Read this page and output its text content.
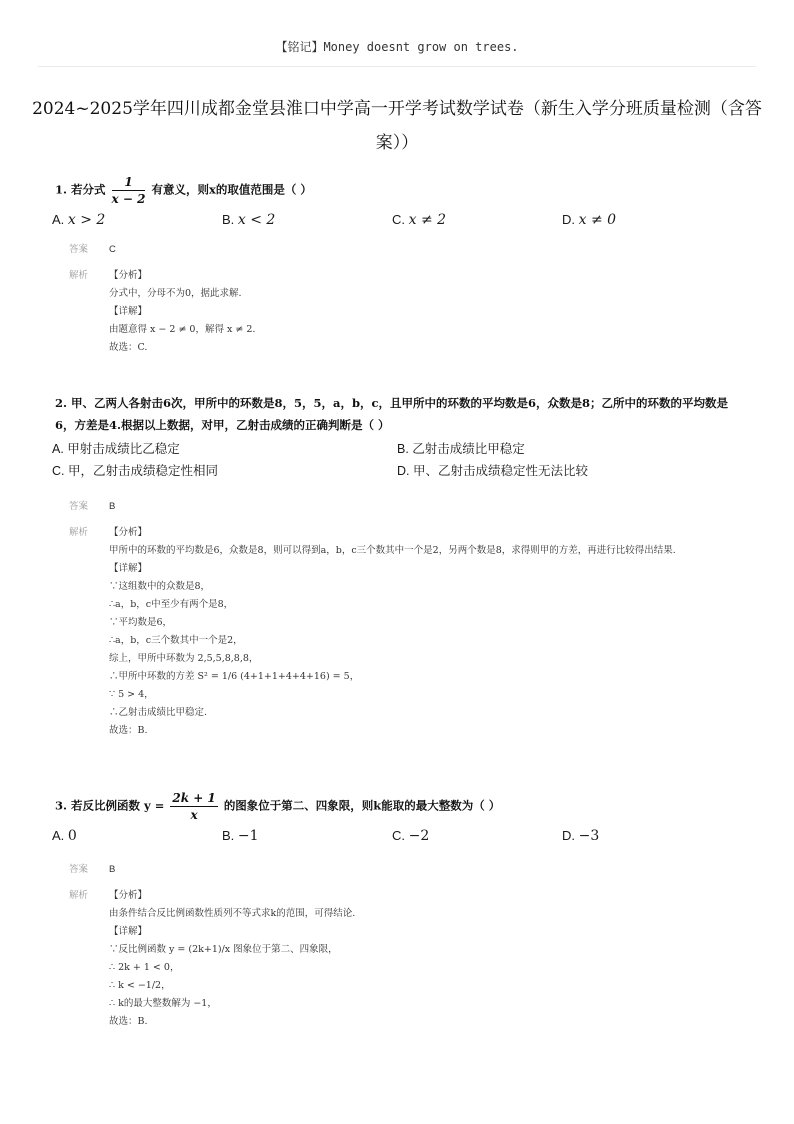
【铭记】Money doesnt grow on trees.
2024~2025学年四川成都金堂县淮口中学高一开学考试数学试卷（新生入学分班质量检测（含答案））
1. 若分式 $\frac{1}{x - 2}$ 有意义，则x的取值范围是（ ）
A. x > 2	B. x < 2	C. x ≠ 2	D. x ≠ 0
答案	C
解析	【分析】
分式中，分母不为0，据此求解.
【详解】
由题意得 x − 2 ≠ 0，解得 x ≠ 2.
故选：C.
2. 甲、乙两人各射击6次，甲所中的环数是8，5，5，a，b，c，且甲所中的环数的平均数是6，众数是8；乙所中的环数的平均数是6，方差是4.根据以上数据，对甲，乙射击成绩的正确判断是（ ）
A. 甲射击成绩比乙稳定	B. 乙射击成绩比甲稳定
C. 甲，乙射击成绩稳定性相同	D. 甲、乙射击成绩稳定性无法比较
答案	B
解析	【分析】
甲所中的环数的平均数是6，众数是8，则可以得到a，b，c三个数其中一个是2，另两个数是8，求得则甲的方差，再进行比较得出结果.
【详解】
∵这组数中的众数是8，
∴a，b，c中至少有两个是8，
∵平均数是6，
∴a，b，c三个数其中一个是2，
综上，甲所中环数为 2,5,5,8,8,8，
∴甲所中环数的方差 S² = 1/6 (4+1+1+4+4+16) = 5，
∵ 5 > 4，
∴乙射击成绩比甲稳定.
故选：B.
3. 若反比例函数 $y = \frac{2k + 1}{x}$ 的图象位于第二、四象限，则k能取的最大整数为（ ）
A. 0	B. −1	C. −2	D. −3
答案	B
解析	【分析】
由条件结合反比例函数性质列不等式求k的范围，可得结论.
【详解】
∵反比例函数 y = (2k+1)/x 图象位于第二、四象限，
∴ 2k + 1 < 0，
∴ k < −1/2，
∴ k的最大整数解为 −1，
故选：B.
